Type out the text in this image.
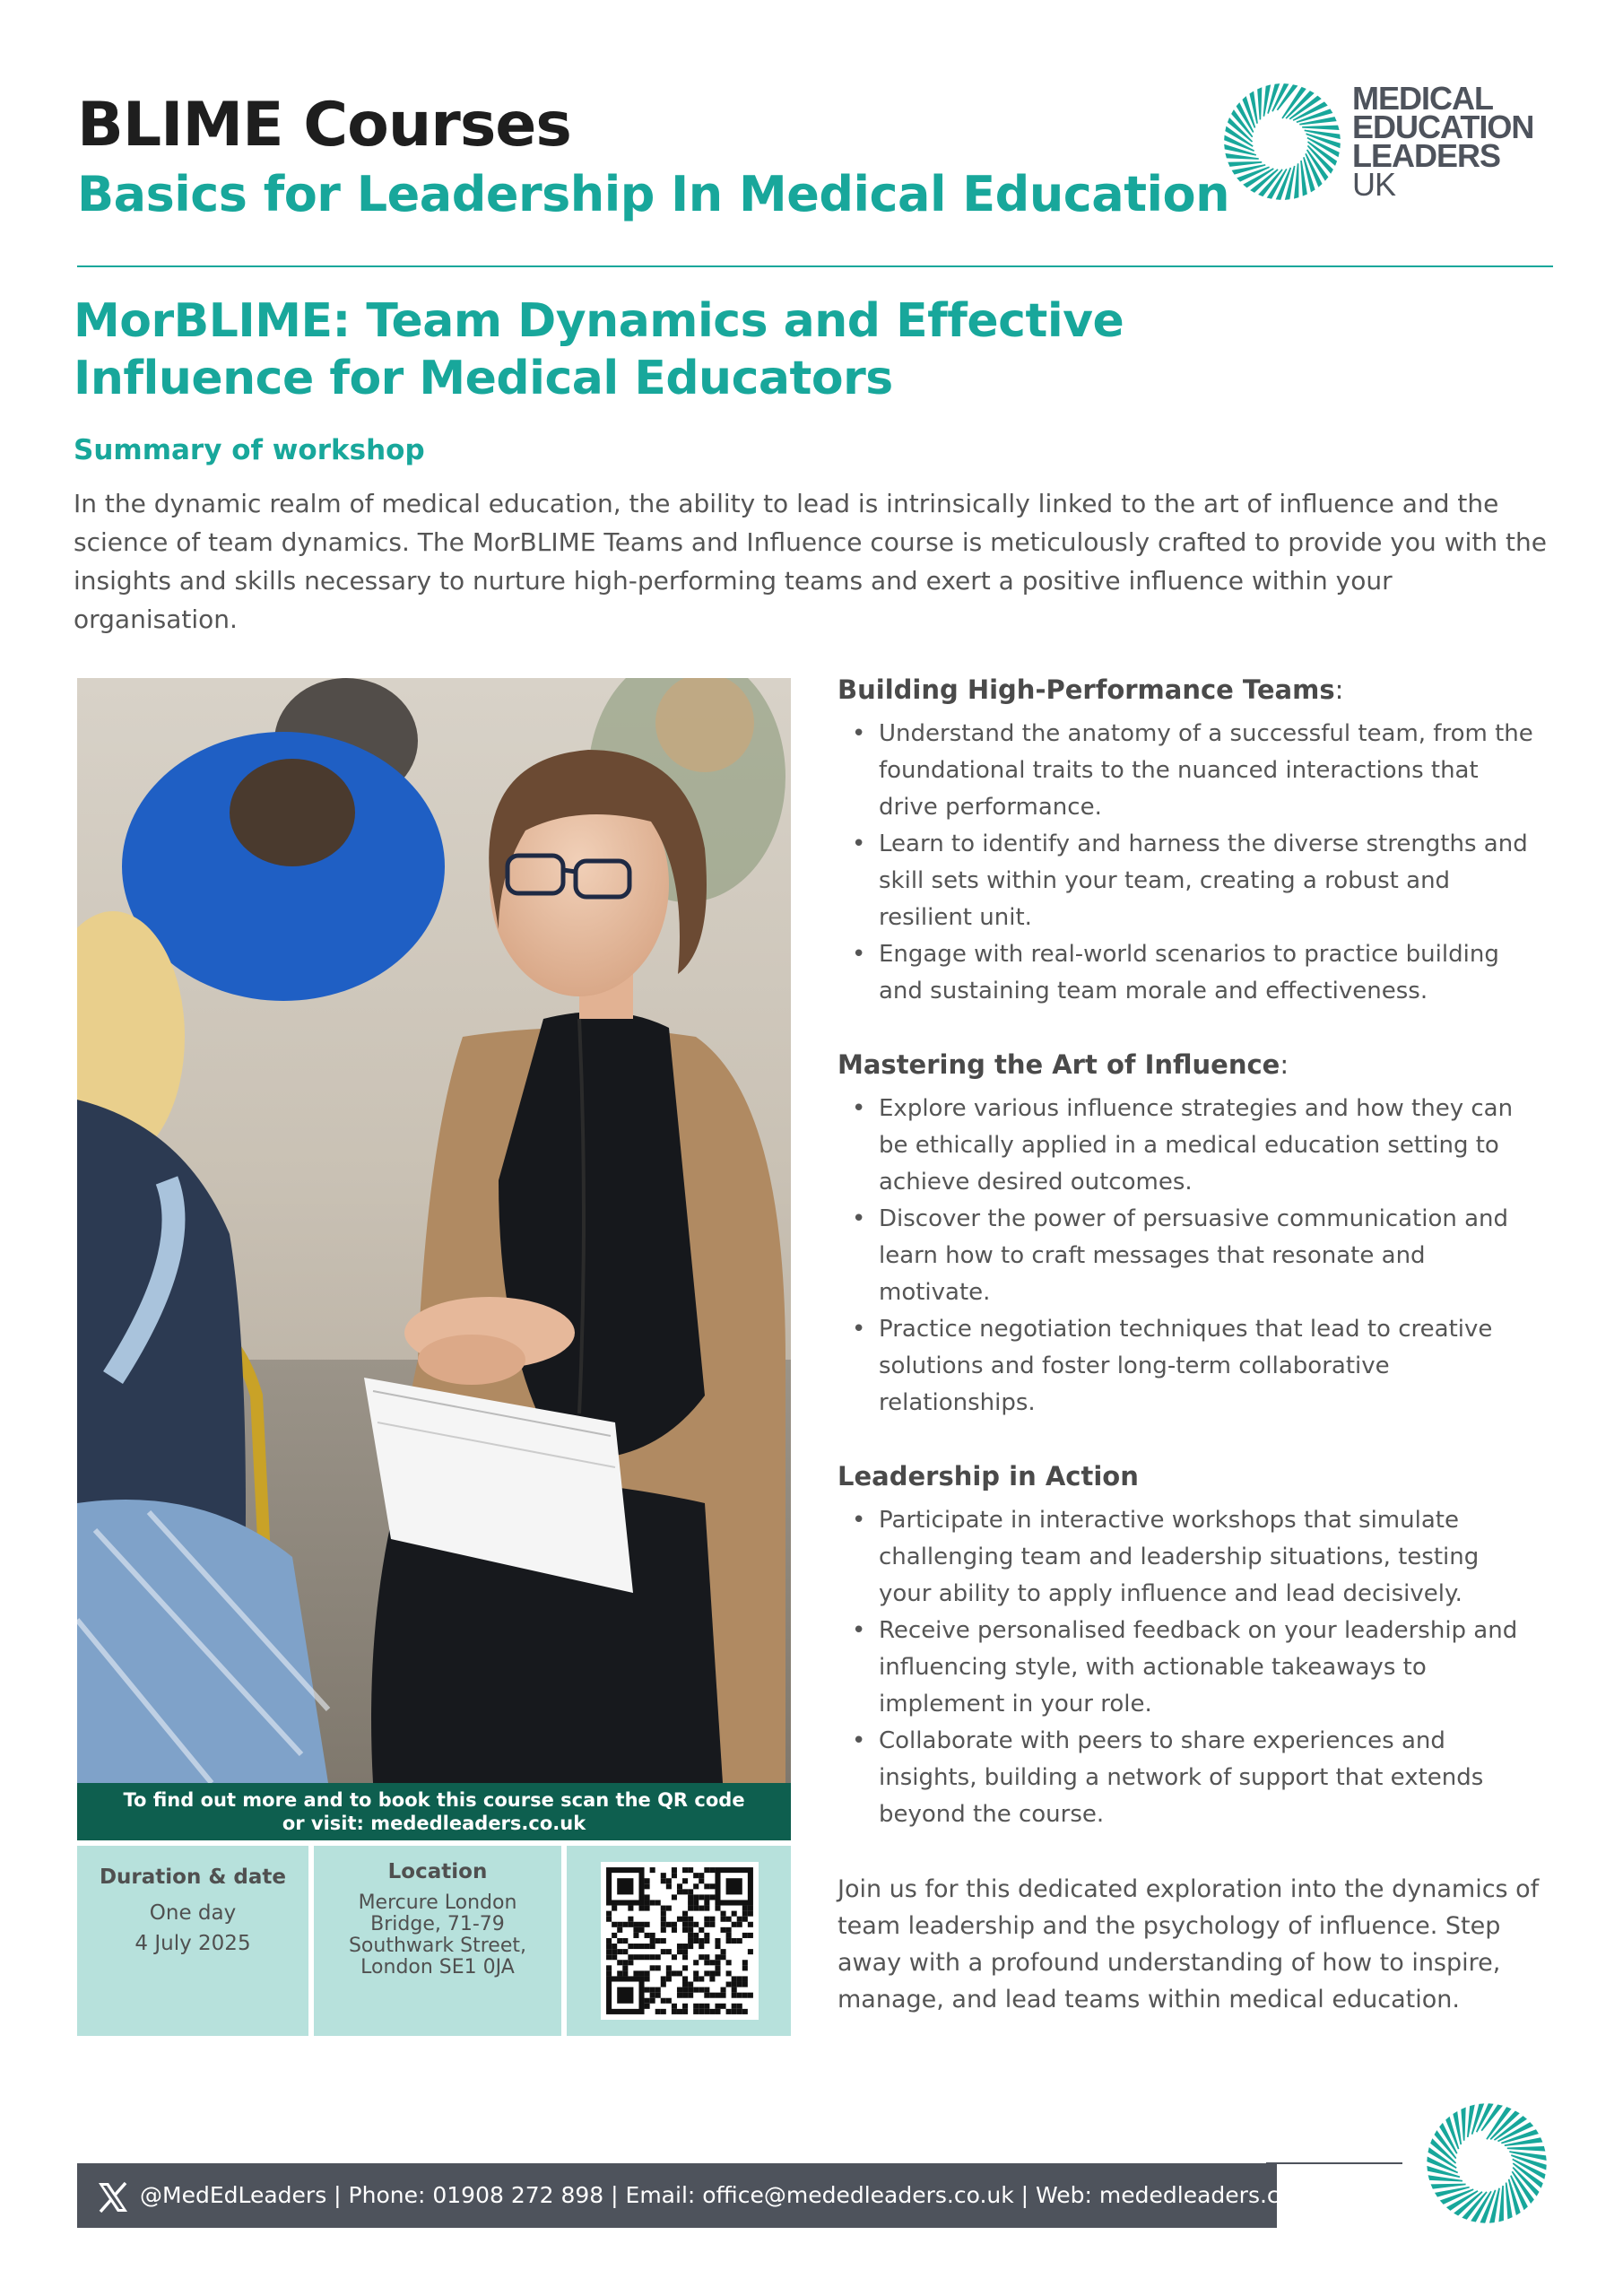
BLIME Courses
Basics for Leadership In Medical Education
MEDICAL
EDUCATION
LEADERS
UK
MorBLIME: Team Dynamics and Effective
Influence for Medical Educators
Summary of workshop
In the dynamic realm of medical education, the ability to lead is intrinsically linked to the art of influence and the science of team dynamics. The MorBLIME Teams and Influence course is meticulously crafted to provide you with the insights and skills necessary to nurture high-performing teams and exert a positive influence within your organisation.
To find out more and to book this course scan the QR code
or visit: mededleaders.co.uk
Duration & date
One day
4 July 2025
Location
Mercure London
Bridge, 71-79
Southwark Street,
London SE1 0JA
Building High-Performance Teams:
• Understand the anatomy of a successful team, from the foundational traits to the nuanced interactions that drive performance.
• Learn to identify and harness the diverse strengths and skill sets within your team, creating a robust and resilient unit.
• Engage with real-world scenarios to practice building and sustaining team morale and effectiveness.
Mastering the Art of Influence:
• Explore various influence strategies and how they can be ethically applied in a medical education setting to achieve desired outcomes.
• Discover the power of persuasive communication and learn how to craft messages that resonate and motivate.
• Practice negotiation techniques that lead to creative solutions and foster long-term collaborative relationships.
Leadership in Action
• Participate in interactive workshops that simulate challenging team and leadership situations, testing your ability to apply influence and lead decisively.
• Receive personalised feedback on your leadership and influencing style, with actionable takeaways to implement in your role.
• Collaborate with peers to share experiences and insights, building a network of support that extends beyond the course.
Join us for this dedicated exploration into the dynamics of team leadership and the psychology of influence. Step away with a profound understanding of how to inspire, manage, and lead teams within medical education.
@MedEdLeaders | Phone: 01908 272 898 | Email: office@mededleaders.co.uk | Web: mededleaders.co.uk
